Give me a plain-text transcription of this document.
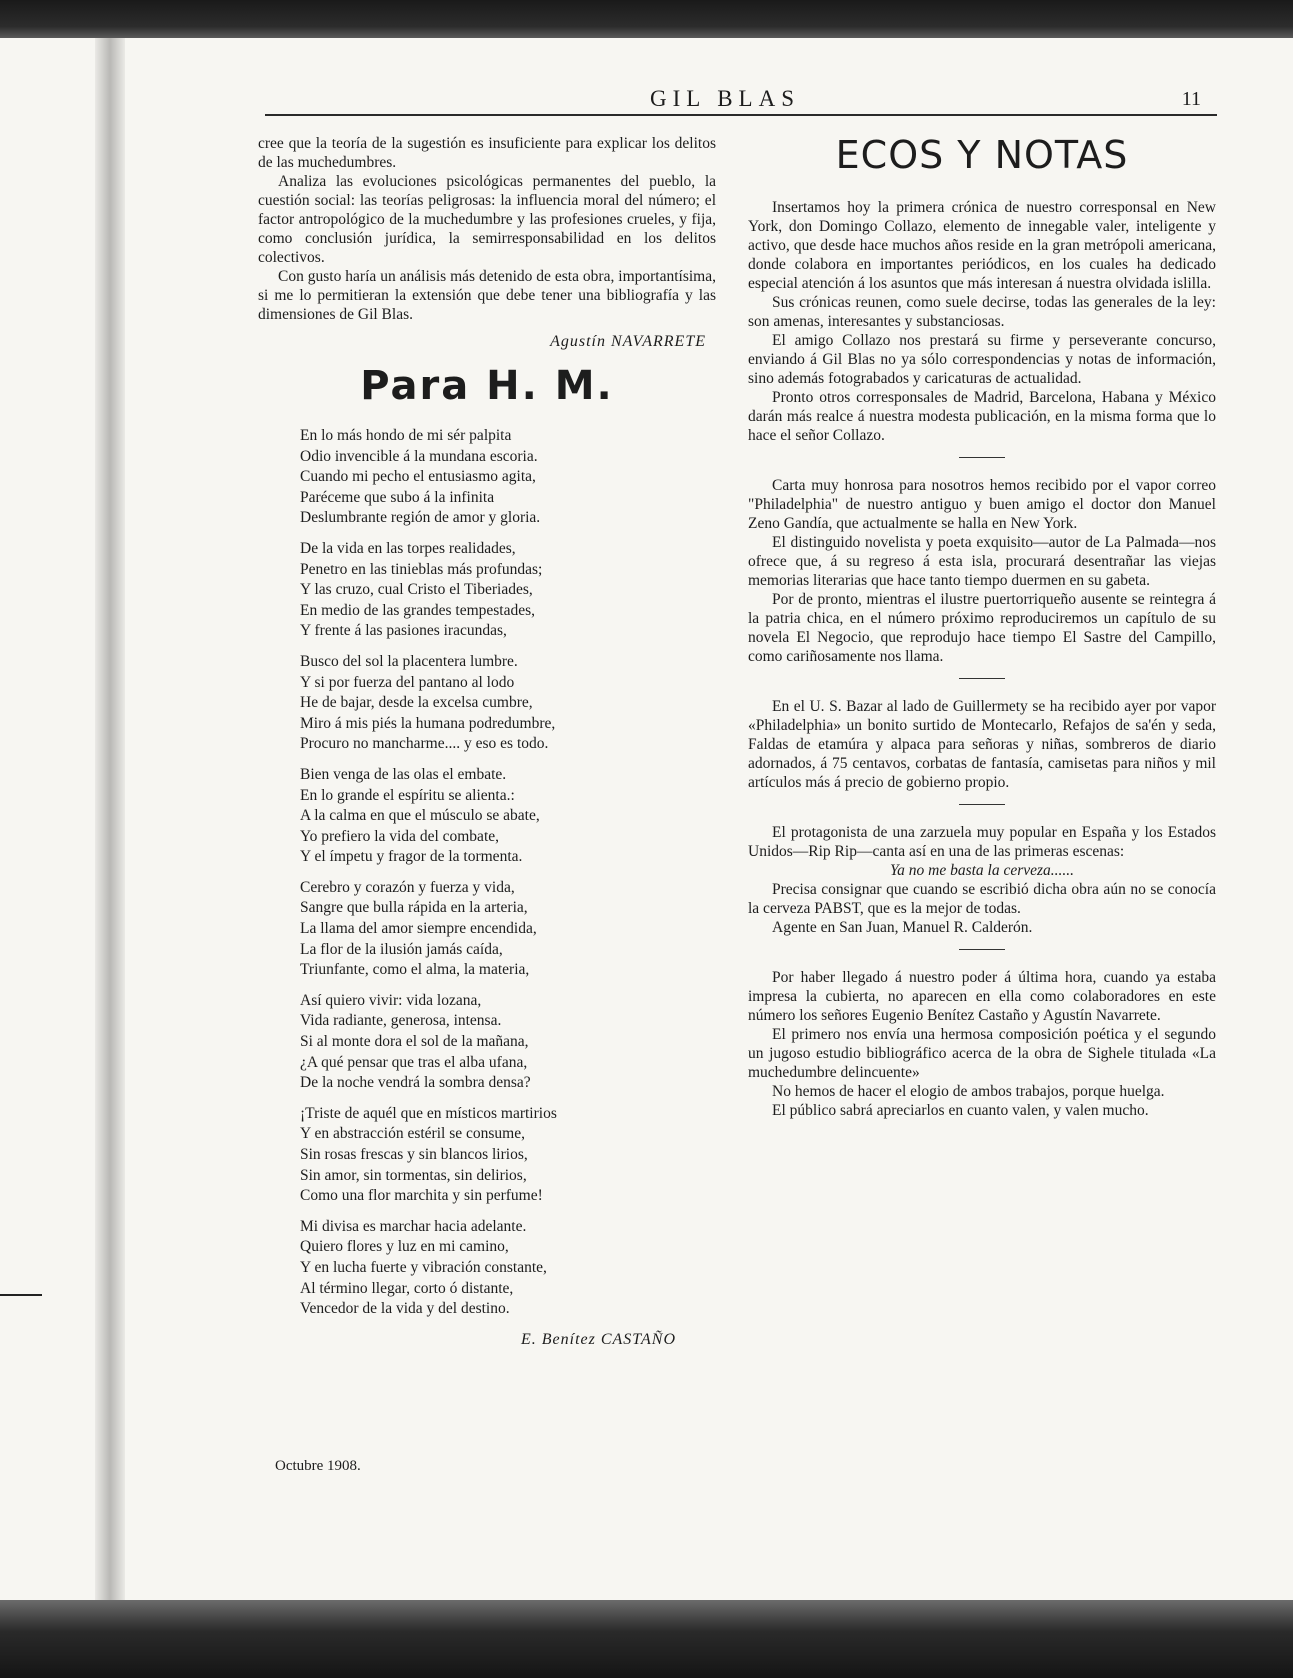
GIL BLAS	11

cree que la teoría de la sugestión es insuficiente para explicar los delitos de las muchedumbres.

Analiza las evoluciones psicológicas permanentes del pueblo, la cuestión social: las teorías peligrosas: la influencia moral del número; el factor antropológico de la muchedumbre y las profesiones crueles, y fija, como conclusión jurídica, la semirresponsabilidad en los delitos colectivos.

Con gusto haría un análisis más detenido de esta obra, importantísima, si me lo permitieran la extensión que debe tener una bibliografía y las dimensiones de Gil Blas.

Agustín NAVARRETE
Para H. M.
En lo más hondo de mi sér palpita
Odio invencible á la mundana escoria.
Cuando mi pecho el entusiasmo agita,
Paréceme que subo á la infinita
Deslumbrante región de amor y gloria.
De la vida en las torpes realidades,
Penetro en las tinieblas más profundas;
Y las cruzo, cual Cristo el Tiberiades,
En medio de las grandes tempestades,
Y frente á las pasiones iracundas,
Busco del sol la placentera lumbre.
Y si por fuerza del pantano al lodo
He de bajar, desde la excelsa cumbre,
Miro á mis piés la humana podredumbre,
Procuro no mancharme.... y eso es todo.
Bien venga de las olas el embate.
En lo grande el espíritu se alienta.:
A la calma en que el músculo se abate,
Yo prefiero la vida del combate,
Y el ímpetu y fragor de la tormenta.
Cerebro y corazón y fuerza y vida,
Sangre que bulla rápida en la arteria,
La llama del amor siempre encendida,
La flor de la ilusión jamás caída,
Triunfante, como el alma, la materia,
Así quiero vivir: vida lozana,
Vida radiante, generosa, intensa.
Si al monte dora el sol de la mañana,
¿A qué pensar que tras el alba ufana,
De la noche vendrá la sombra densa?
¡Triste de aquél que en místicos martirios
Y en abstracción estéril se consume,
Sin rosas frescas y sin blancos lirios,
Sin amor, sin tormentas, sin delirios,
Como una flor marchita y sin perfume!
Mi divisa es marchar hacia adelante.
Quiero flores y luz en mi camino,
Y en lucha fuerte y vibración constante,
Al término llegar, corto ó distante,
Vencedor de la vida y del destino.
E. Benítez CASTAÑO
Octubre 1908.
ECOS Y NOTAS

Insertamos hoy la primera crónica de nuestro corresponsal en New York, don Domingo Collazo, elemento de innegable valer, inteligente y activo, que desde hace muchos años reside en la gran metrópoli americana, donde colabora en importantes periódicos, en los cuales ha dedicado especial atención á los asuntos que más interesan á nuestra olvidada islilla.

Sus crónicas reunen, como suele decirse, todas las generales de la ley: son amenas, interesantes y substanciosas.

El amigo Collazo nos prestará su firme y perseverante concurso, enviando á Gil Blas no ya sólo correspondencias y notas de información, sino además fotograbados y caricaturas de actualidad.

Pronto otros corresponsales de Madrid, Barcelona, Habana y México darán más realce á nuestra modesta publicación, en la misma forma que lo hace el señor Collazo.

Carta muy honrosa para nosotros hemos recibido por el vapor correo "Philadelphia" de nuestro antiguo y buen amigo el doctor don Manuel Zeno Gandía, que actualmente se halla en New York.

El distinguido novelista y poeta exquisito—autor de La Palmada—nos ofrece que, á su regreso á esta isla, procurará desentrañar las viejas memorias literarias que hace tanto tiempo duermen en su gabeta.

Por de pronto, mientras el ilustre puertorriqueño ausente se reintegra á la patria chica, en el número próximo reproduciremos un capítulo de su novela El Negocio, que reprodujo hace tiempo El Sastre del Campillo, como cariñosamente nos llama.

En el U. S. Bazar al lado de Guillermety se ha recibido ayer por vapor «Philadelphia» un bonito surtido de Montecarlo, Refajos de sa'én y seda, Faldas de etamúra y alpaca para señoras y niñas, sombreros de diario adornados, á 75 centavos, corbatas de fantasía, camisetas para niños y mil artículos más á precio de gobierno propio.

El protagonista de una zarzuela muy popular en España y los Estados Unidos—Rip Rip—canta así en una de las primeras escenas:

Ya no me basta la cerveza......

Precisa consignar que cuando se escribió dicha obra aún no se conocía la cerveza PABST, que es la mejor de todas.

Agente en San Juan, Manuel R. Calderón.

Por haber llegado á nuestro poder á última hora, cuando ya estaba impresa la cubierta, no aparecen en ella como colaboradores en este número los señores Eugenio Benítez Castaño y Agustín Navarrete.

El primero nos envía una hermosa composición poética y el segundo un jugoso estudio bibliográfico acerca de la obra de Sighele titulada «La muchedumbre delincuente»

No hemos de hacer el elogio de ambos trabajos, porque huelga.

El público sabrá apreciarlos en cuanto valen, y valen mucho.
